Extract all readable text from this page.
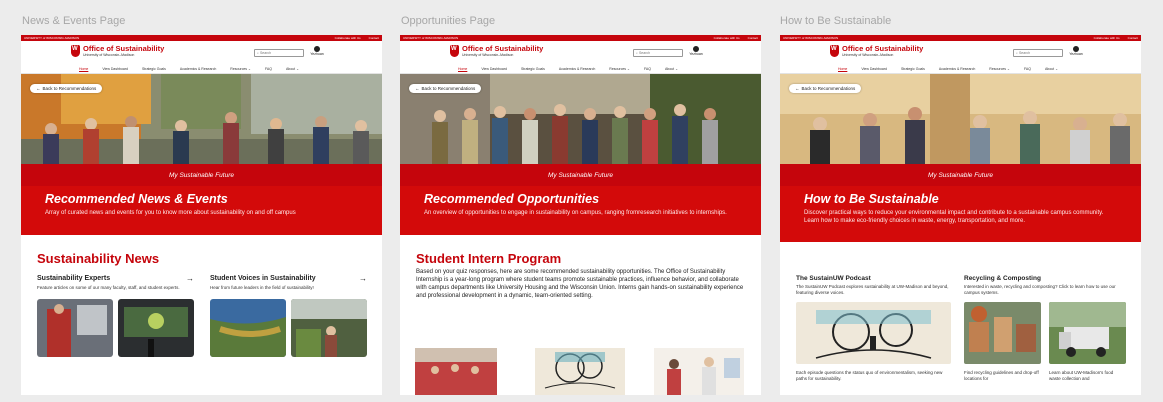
News & Events Page	Opportunities Page	How to Be Sustainable
UNIVERSITY of WISCONSIN–MADISON	Collaborate with Us	Contact
W
Office of Sustainability
University of Wisconsin–Madison
⌕ Search	Yezhuan
Home	View Dashboard	Strategic Goals	Academics & Research	Resources ⌄	FAQ	About ⌄
← Back to Recommendations
My Sustainable Future
Recommended News & Events

Array of curated news and events for you to know more about sustainability on and off campus

Sustainability News
Sustainability Experts	→

Feature articles on some of our many faculty, staff, and student experts.

Student Voices in Sustainability	→

Hear from future leaders in the field of sustainability!

UNIVERSITY of WISCONSIN–MADISON	Collaborate with Us	Contact
W
Office of Sustainability
University of Wisconsin–Madison
⌕ Search	Yezhuan
Home	View Dashboard	Strategic Goals	Academics & Research	Resources ⌄	FAQ	About ⌄
← Back to Recommendations
My Sustainable Future
Recommended Opportunities

An overview of opportunities to engage in sustainability on campus, ranging fromresearch initiatives to internships.

Student Intern Program

Based on your quiz responses, here are some recommended sustainability opportunities. The Office of Sustainability Internship is a year-long program where student teams promote sustainable practices, influence behavior, and collaborate with campus departments like University Housing and the Wisconsin Union. Interns gain hands-on sustainability experience and professional development in a dynamic, team-oriented setting.

UNIVERSITY of WISCONSIN–MADISON	Collaborate with Us	Contact
W
Office of Sustainability
University of Wisconsin–Madison
⌕ Search	Yezhuan
Home	View Dashboard	Strategic Goals	Academics & Research	Resources ⌄	FAQ	About ⌄
← Back to Recommendations
My Sustainable Future
How to Be Sustainable

Discover practical ways to reduce your environmental impact and contribute to a sustainable campus community. Learn how to make eco-friendly choices in waste, energy, transportation, and more.

The SustainUW Podcast
The SustainUW Podcast explores sustainability at UW-Madison and beyond, featuring diverse voices.
Each episode questions the status quo of environmentalism, seeking new paths for sustainability.
Recycling & Composting
Interested in waste, recycling and composting? Click to learn how to use our campus systems.
Find recycling guidelines and drop-off locations for
Learn about UW-Madison's food waste collection and
